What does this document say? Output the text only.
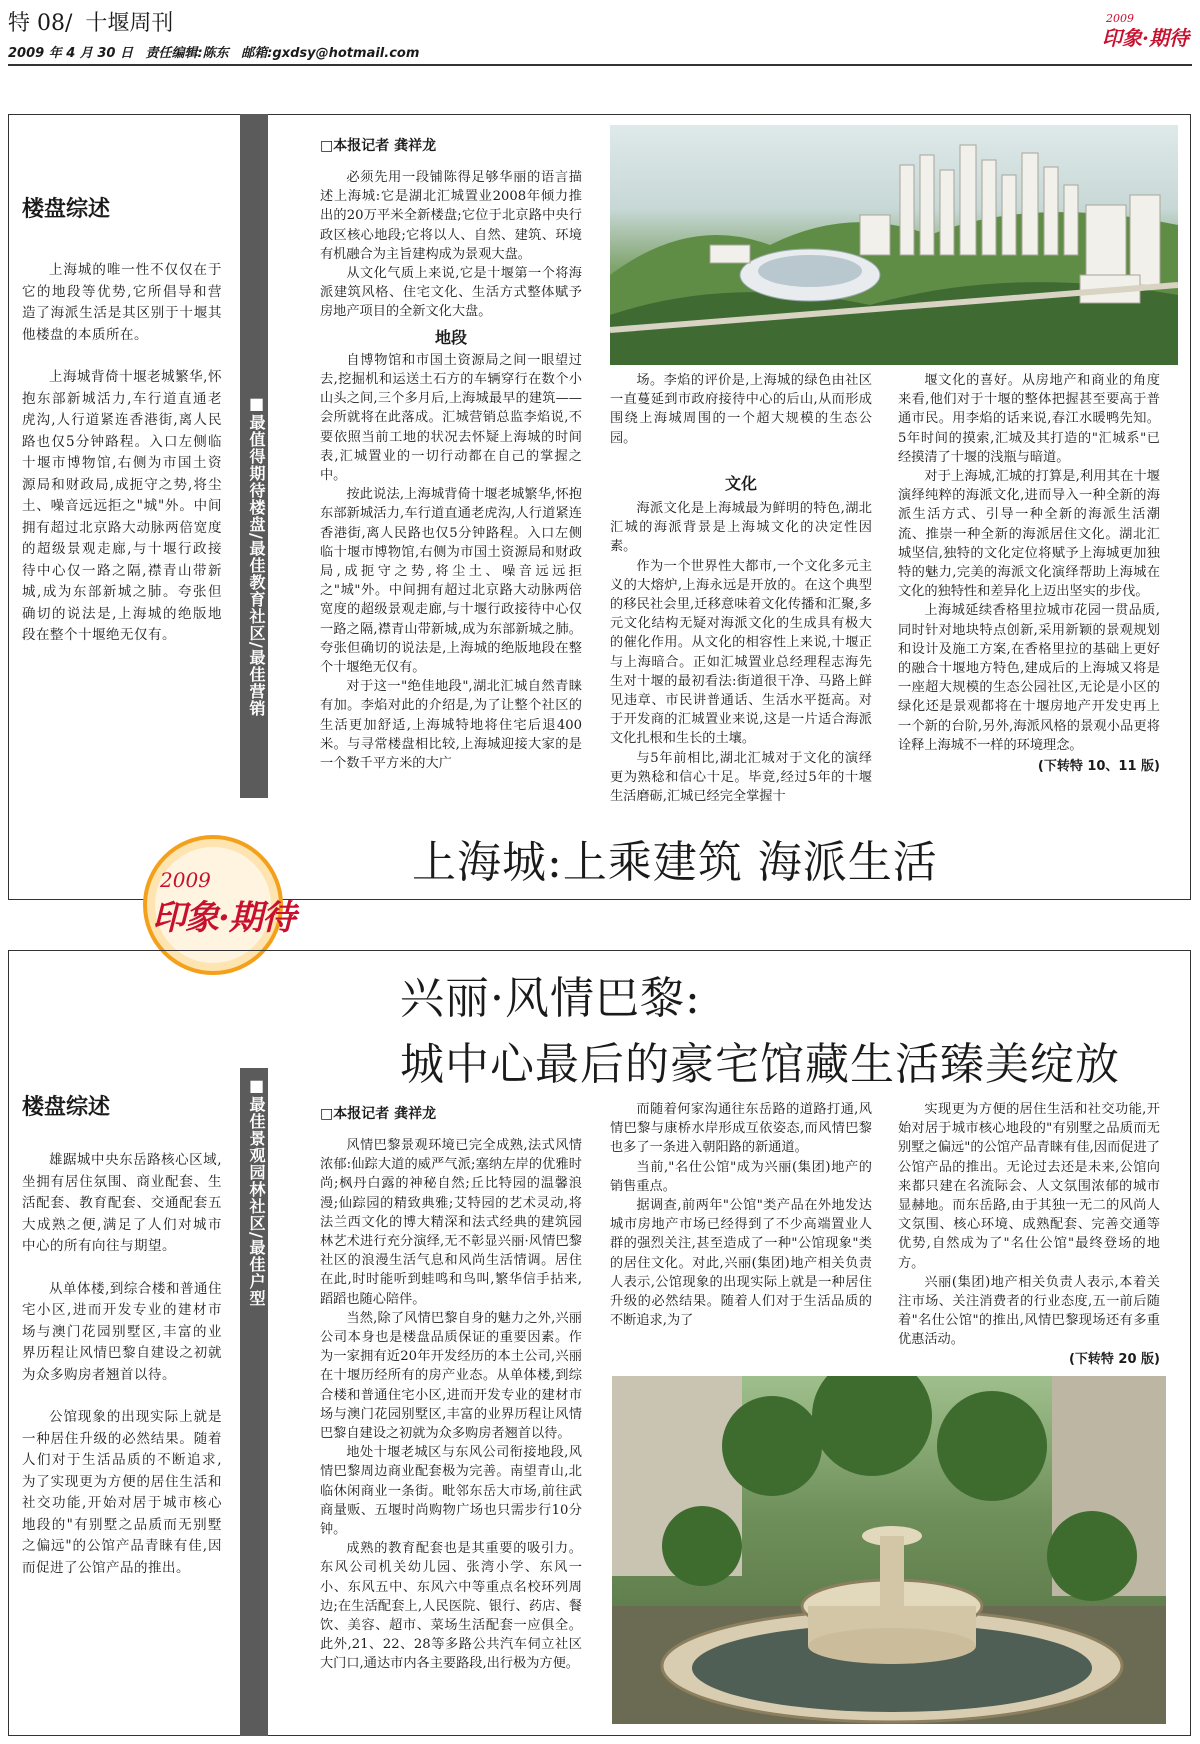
特 08/ 十堰周刊
2009 年 4 月 30 日 责任编辑:陈东 邮箱:gxdsy@hotmail.com
2009
印象·期待
楼盘综述

上海城的唯一性不仅仅在于它的地段等优势,它所倡导和营造了海派生活是其区别于十堰其他楼盘的本质所在。

上海城背倚十堰老城繁华,怀抱东部新城活力,车行道直通老虎沟,人行道紧连香港街,离人民路也仅5分钟路程。入口左侧临十堰市博物馆,右侧为市国土资源局和财政局,成扼守之势,将尘土、噪音远远拒之"城"外。中间拥有超过北京路大动脉两倍宽度的超级景观走廊,与十堰行政接待中心仅一路之隔,襟青山带新城,成为东部新城之肺。夸张但确切的说法是,上海城的绝版地段在整个十堰绝无仅有。	■最值得期待楼盘/最佳教育社区/最佳营销
□本报记者 龚祥龙

必须先用一段铺陈得足够华丽的语言描述上海城:它是湖北汇城置业2008年倾力推出的20万平米全新楼盘;它位于北京路中央行政区核心地段;它将以人、自然、建筑、环境有机融合为主旨建构成为景观大盘。

从文化气质上来说,它是十堰第一个将海派建筑风格、住宅文化、生活方式整体赋予房地产项目的全新文化大盘。

地段

自博物馆和市国土资源局之间一眼望过去,挖掘机和运送土石方的车辆穿行在数个小山头之间,三个多月后,上海城最早的建筑——会所就将在此落成。汇城营销总监李焰说,不要依照当前工地的状况去怀疑上海城的时间表,汇城置业的一切行动都在自己的掌握之中。

按此说法,上海城背倚十堰老城繁华,怀抱东部新城活力,车行道直通老虎沟,人行道紧连香港街,离人民路也仅5分钟路程。入口左侧临十堰市博物馆,右侧为市国土资源局和财政局,成扼守之势,将尘土、噪音远远拒之"城"外。中间拥有超过北京路大动脉两倍宽度的超级景观走廊,与十堰行政接待中心仅一路之隔,襟青山带新城,成为东部新城之肺。夸张但确切的说法是,上海城的绝版地段在整个十堰绝无仅有。

对于这一"绝佳地段",湖北汇城自然青睐有加。李焰对此的介绍是,为了让整个社区的生活更加舒适,上海城特地将住宅后退400米。与寻常楼盘相比较,上海城迎接大家的是一个数千平方米的大广

场。李焰的评价是,上海城的绿色由社区一直蔓延到市政府接待中心的后山,从而形成围绕上海城周围的一个超大规模的生态公园。

文化

海派文化是上海城最为鲜明的特色,湖北汇城的海派背景是上海城文化的决定性因素。

作为一个世界性大都市,一个文化多元主义的大熔炉,上海永远是开放的。在这个典型的移民社会里,迁移意味着文化传播和汇聚,多元文化结构无疑对海派文化的生成具有极大的催化作用。从文化的相容性上来说,十堰正与上海暗合。正如汇城置业总经理程志海先生对十堰的最初看法:街道很干净、马路上鲜见违章、市民讲普通话、生活水平挺高。对于开发商的汇城置业来说,这是一片适合海派文化扎根和生长的土壤。

与5年前相比,湖北汇城对于文化的演绎更为熟稔和信心十足。毕竟,经过5年的十堰生活磨砺,汇城已经完全掌握十

堰文化的喜好。从房地产和商业的角度来看,他们对于十堰的整体把握甚至要高于普通市民。用李焰的话来说,春江水暖鸭先知。5年时间的摸索,汇城及其打造的"汇城系"已经摸清了十堰的浅瓶与暗道。

对于上海城,汇城的打算是,利用其在十堰演绎纯粹的海派文化,进而导入一种全新的海派生活方式、引导一种全新的海派生活潮流、推崇一种全新的海派居住文化。湖北汇城坚信,独特的文化定位将赋予上海城更加独特的魅力,完美的海派文化演绎帮助上海城在文化的独特性和差异化上迈出坚实的步伐。

上海城延续香格里拉城市花园一贯品质,同时针对地块特点创新,采用新颖的景观规划和设计及施工方案,在香格里拉的基础上更好的融合十堰地方特色,建成后的上海城又将是一座超大规模的生态公园社区,无论是小区的绿化还是景观都将在十堰房地产开发史再上一个新的台阶,另外,海派风格的景观小品更将诠释上海城不一样的环境理念。

(下转特 10、11 版)
上海城:上乘建筑 海派生活
2009
印象·期待
兴丽·风情巴黎:
城中心最后的豪宅馆藏生活臻美绽放
楼盘综述

雄踞城中央东岳路核心区域,坐拥有居住氛围、商业配套、生活配套、教育配套、交通配套五大成熟之便,满足了人们对城市中心的所有向往与期望。

从单体楼,到综合楼和普通住宅小区,进而开发专业的建材市场与澳门花园别墅区,丰富的业界历程让风情巴黎自建设之初就为众多购房者翘首以待。

公馆现象的出现实际上就是一种居住升级的必然结果。随着人们对于生活品质的不断追求,为了实现更为方便的居住生活和社交功能,开始对居于城市核心地段的"有别墅之品质而无别墅之偏远"的公馆产品青睐有佳,因而促进了公馆产品的推出。

■最佳景观园林社区/最佳户型	□本报记者 龚祥龙

风情巴黎景观环境已完全成熟,法式风情浓郁:仙踪大道的威严气派;塞纳左岸的优雅时尚;枫丹白露的神秘自然;丘比特园的温馨浪漫;仙踪园的精致典雅;艾特园的艺术灵动,将法兰西文化的博大精深和法式经典的建筑园林艺术进行充分演绎,无不彰显兴丽·风情巴黎社区的浪漫生活气息和风尚生活情调。居住在此,时时能听到蛙鸣和鸟叫,繁华信手拈来,蹈蹈也随心陪伴。

当然,除了风情巴黎自身的魅力之外,兴丽公司本身也是楼盘品质保证的重要因素。作为一家拥有近20年开发经历的本土公司,兴丽在十堰历经所有的房产业态。从单体楼,到综合楼和普通住宅小区,进而开发专业的建材市场与澳门花园别墅区,丰富的业界历程让风情巴黎自建设之初就为众多购房者翘首以待。

地处十堰老城区与东风公司衔接地段,风情巴黎周边商业配套极为完善。南望青山,北临休闲商业一条街。毗邻东岳大市场,前往武商量贩、五堰时尚购物广场也只需步行10分钟。

成熟的教育配套也是其重要的吸引力。东风公司机关幼儿园、张湾小学、东风一小、东风五中、东风六中等重点名校环列周边;在生活配套上,人民医院、银行、药店、餐饮、美容、超市、菜场生活配套一应俱全。此外,21、22、28等多路公共汽车伺立社区大门口,通达市内各主要路段,出行极为方便。

而随着何家沟通往东岳路的道路打通,风情巴黎与康桥水岸形成互依姿态,而风情巴黎也多了一条进入朝阳路的新通道。

当前,"名仕公馆"成为兴丽(集团)地产的销售重点。

据调查,前两年"公馆"类产品在外地发达城市房地产市场已经得到了不少高端置业人群的强烈关注,甚至造成了一种"公馆现象"类的居住文化。对此,兴丽(集团)地产相关负责人表示,公馆现象的出现实际上就是一种居住升级的必然结果。随着人们对于生活品质的不断追求,为了

实现更为方便的居住生活和社交功能,开始对居于城市核心地段的"有别墅之品质而无别墅之偏远"的公馆产品青睐有佳,因而促进了公馆产品的推出。无论过去还是未来,公馆向来都只建在名流际会、人文氛围浓郁的城市显赫地。而东岳路,由于其独一无二的风尚人文氛围、核心环境、成熟配套、完善交通等优势,自然成为了"名仕公馆"最终登场的地方。

兴丽(集团)地产相关负责人表示,本着关注市场、关注消费者的行业态度,五一前后随着"名仕公馆"的推出,风情巴黎现场还有多重优惠活动。

(下转特 20 版)
